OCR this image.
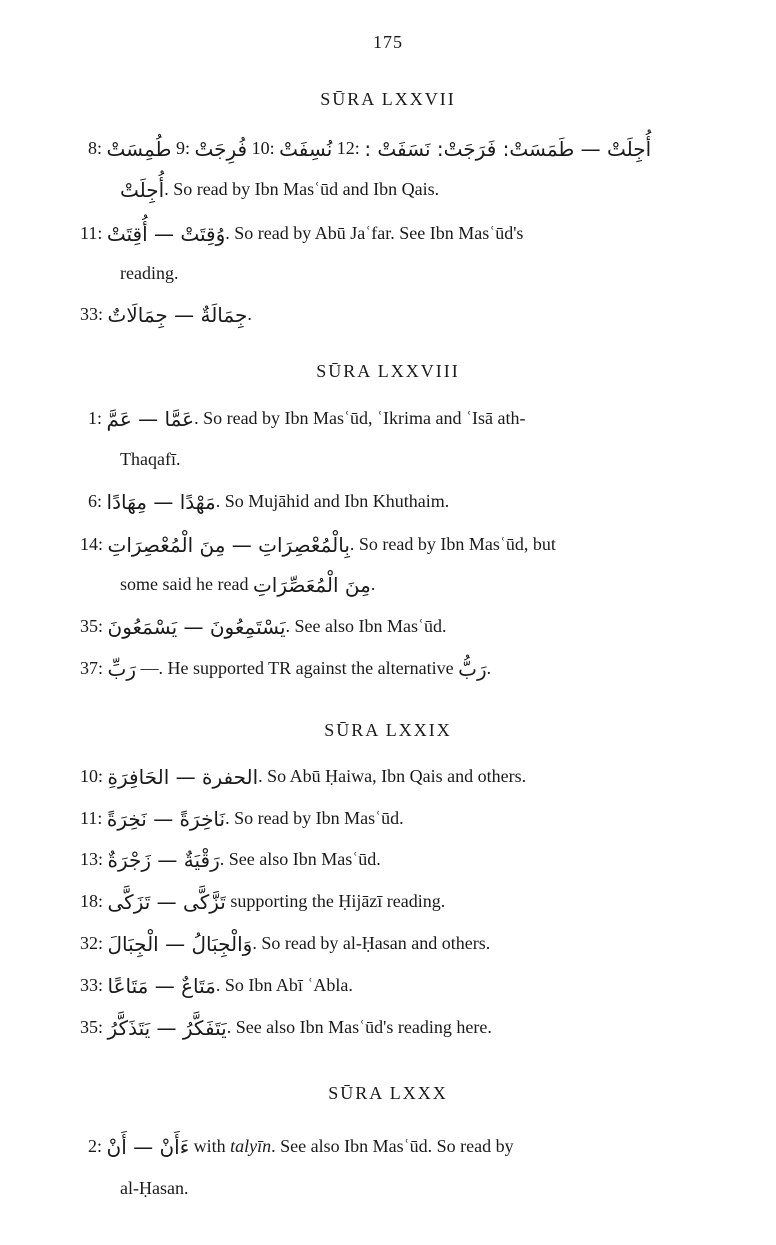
175
SŪRA LXXVII
8: طُمِسَتْ 9: فُرِجَتْ 10: نُسِفَتْ 12: أُجِلَتْ — طَمَسَتْ: فَرَجَتْ: نَسَفَتْ :
أُجِلَتْ. So read by Ibn Masʿūd and Ibn Qais.
11: وُقِتَتْ — أُقِتَتْ. So read by Abū Jaʿfar. See Ibn Masʿūd's
reading.
33: جِمَالَةٌ — جِمَالَاتٌ.
SŪRA LXXVIII
1: عَمَّا — عَمَّ. So read by Ibn Masʿūd, ʿIkrima and ʿIsā ath-
Thaqafī.
6: مَهْدًا — مِهَادًا. So Mujāhid and Ibn Khuthaim.
14: بِالْمُعْصِرَاتِ — مِنَ الْمُعْصِرَاتِ. So read by Ibn Masʿūd, but
some said he read مِنَ الْمُعَصِّرَاتِ.
35: يَسْتَمِعُونَ — يَسْمَعُونَ. See also Ibn Masʿūd.
37: رَبِّ —. He supported TR against the alternative رَبُّ.
SŪRA LXXIX
10: الحفرة — الحَافِرَةِ. So Abū Ḥaiwa, Ibn Qais and others.
11: نَاخِرَةً — نَخِرَةً. So read by Ibn Masʿūd.
13: رَقْيَةٌ — زَجْرَةٌ. See also Ibn Masʿūd.
18: تَزَّكَّى — تَزَكَّى supporting the Ḥijāzī reading.
32: وَالْجِبَالُ — الْجِبَالَ. So read by al-Ḥasan and others.
33: مَتَاعٌ — مَتَاعًا. So Ibn Abī ʿAbla.
35: يَتَفَكَّرُ — يَتَذَكَّرُ. See also Ibn Masʿūd's reading here.
SŪRA LXXX
2: ءَأَنْ — أَنْ with talyīn. See also Ibn Masʿūd. So read by
al-Ḥasan.
